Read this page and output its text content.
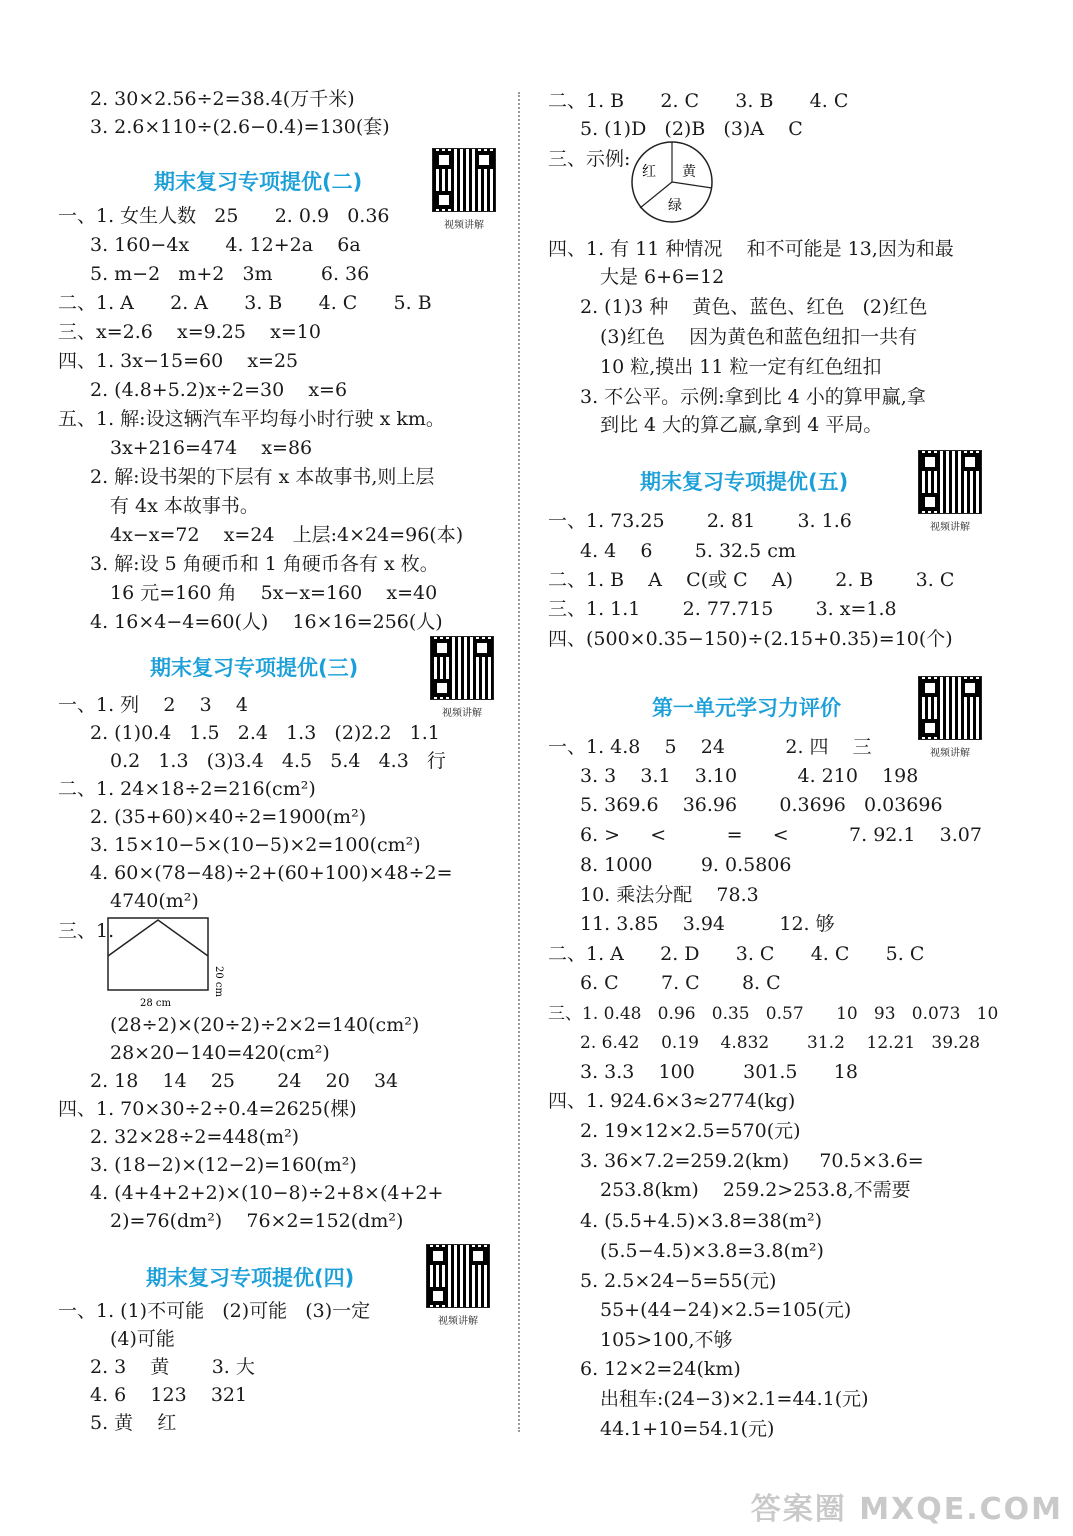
2. 30×2.56÷2=38.4(万千米)
3. 2.6×110÷(2.6−0.4)=130(套)
期末复习专项提优(二)
视频讲解
一、1. 女生人数   25      2. 0.9   0.36
3. 160−4x      4. 12+2a    6a
5. m−2   m+2   3m        6. 36
二、1. A      2. A      3. B      4. C      5. B
三、x=2.6    x=9.25    x=10
四、1. 3x−15=60    x=25
2. (4.8+5.2)x÷2=30    x=6
五、1. 解:设这辆汽车平均每小时行驶 x km。
3x+216=474    x=86
2. 解:设书架的下层有 x 本故事书,则上层
有 4x 本故事书。
4x−x=72    x=24   上层:4×24=96(本)
3. 解:设 5 角硬币和 1 角硬币各有 x 枚。
16 元=160 角    5x−x=160    x=40
4. 16×4−4=60(人)    16×16=256(人)
期末复习专项提优(三)
视频讲解
一、1. 列    2    3    4
2. (1)0.4   1.5   2.4   1.3   (2)2.2   1.1
0.2   1.3   (3)3.4   4.5   5.4   4.3   行
二、1. 24×18÷2=216(cm²)
2. (35+60)×40÷2=1900(m²)
3. 15×10−5×(10−5)×2=100(cm²)
4. 60×(78−48)÷2+(60+100)×48÷2=
4740(m²)
三、1.
20 cm
28 cm
(28÷2)×(20÷2)÷2×2=140(cm²)
28×20−140=420(cm²)
2. 18    14    25       24    20    34
四、1. 70×30÷2÷0.4=2625(棵)
2. 32×28÷2=448(m²)
3. (18−2)×(12−2)=160(m²)
4. (4+4+2+2)×(10−8)÷2+8×(4+2+
2)=76(dm²)    76×2=152(dm²)
期末复习专项提优(四)
视频讲解
一、1. (1)不可能   (2)可能   (3)一定
(4)可能
2. 3    黄       3. 大
4. 6    123    321
5. 黄    红
二、1. B      2. C      3. B      4. C
5. (1)D   (2)B   (3)A    C
三、示例:
红 黄
绿
四、1. 有 11 种情况    和不可能是 13,因为和最
大是 6+6=12
2. (1)3 种    黄色、蓝色、红色   (2)红色
(3)红色    因为黄色和蓝色纽扣一共有
10 粒,摸出 11 粒一定有红色纽扣
3. 不公平。示例:拿到比 4 小的算甲赢,拿
到比 4 大的算乙赢,拿到 4 平局。
期末复习专项提优(五)
视频讲解
一、1. 73.25       2. 81       3. 1.6
4. 4    6       5. 32.5 cm
二、1. B    A    C(或 C    A)       2. B       3. C
三、1. 1.1       2. 77.715       3. x=1.8
四、(500×0.35−150)÷(2.15+0.35)=10(个)
第一单元学习力评价
视频讲解
一、1. 4.8    5    24          2. 四    三
3. 3    3.1    3.10          4. 210    198
5. 369.6    36.96       0.3696   0.03696
6. >     <          =     <          7. 92.1    3.07
8. 1000        9. 0.5806
10. 乘法分配    78.3
11. 3.85    3.94         12. 够
二、1. A      2. D      3. C      4. C      5. C
6. C       7. C       8. C
三、1. 0.48   0.96   0.35   0.57      10   93   0.073   10
2. 6.42    0.19    4.832       31.2    12.21   39.28
3. 3.3    100        301.5      18
四、1. 924.6×3≈2774(kg)
2. 19×12×2.5=570(元)
3. 36×7.2=259.2(km)     70.5×3.6=
253.8(km)    259.2>253.8,不需要
4. (5.5+4.5)×3.8=38(m²)
(5.5−4.5)×3.8=3.8(m²)
5. 2.5×24−5=55(元)
55+(44−24)×2.5=105(元)
105>100,不够
6. 12×2=24(km)
出租车:(24−3)×2.1=44.1(元)
44.1+10=54.1(元)
答案圈 MXQE.COM
